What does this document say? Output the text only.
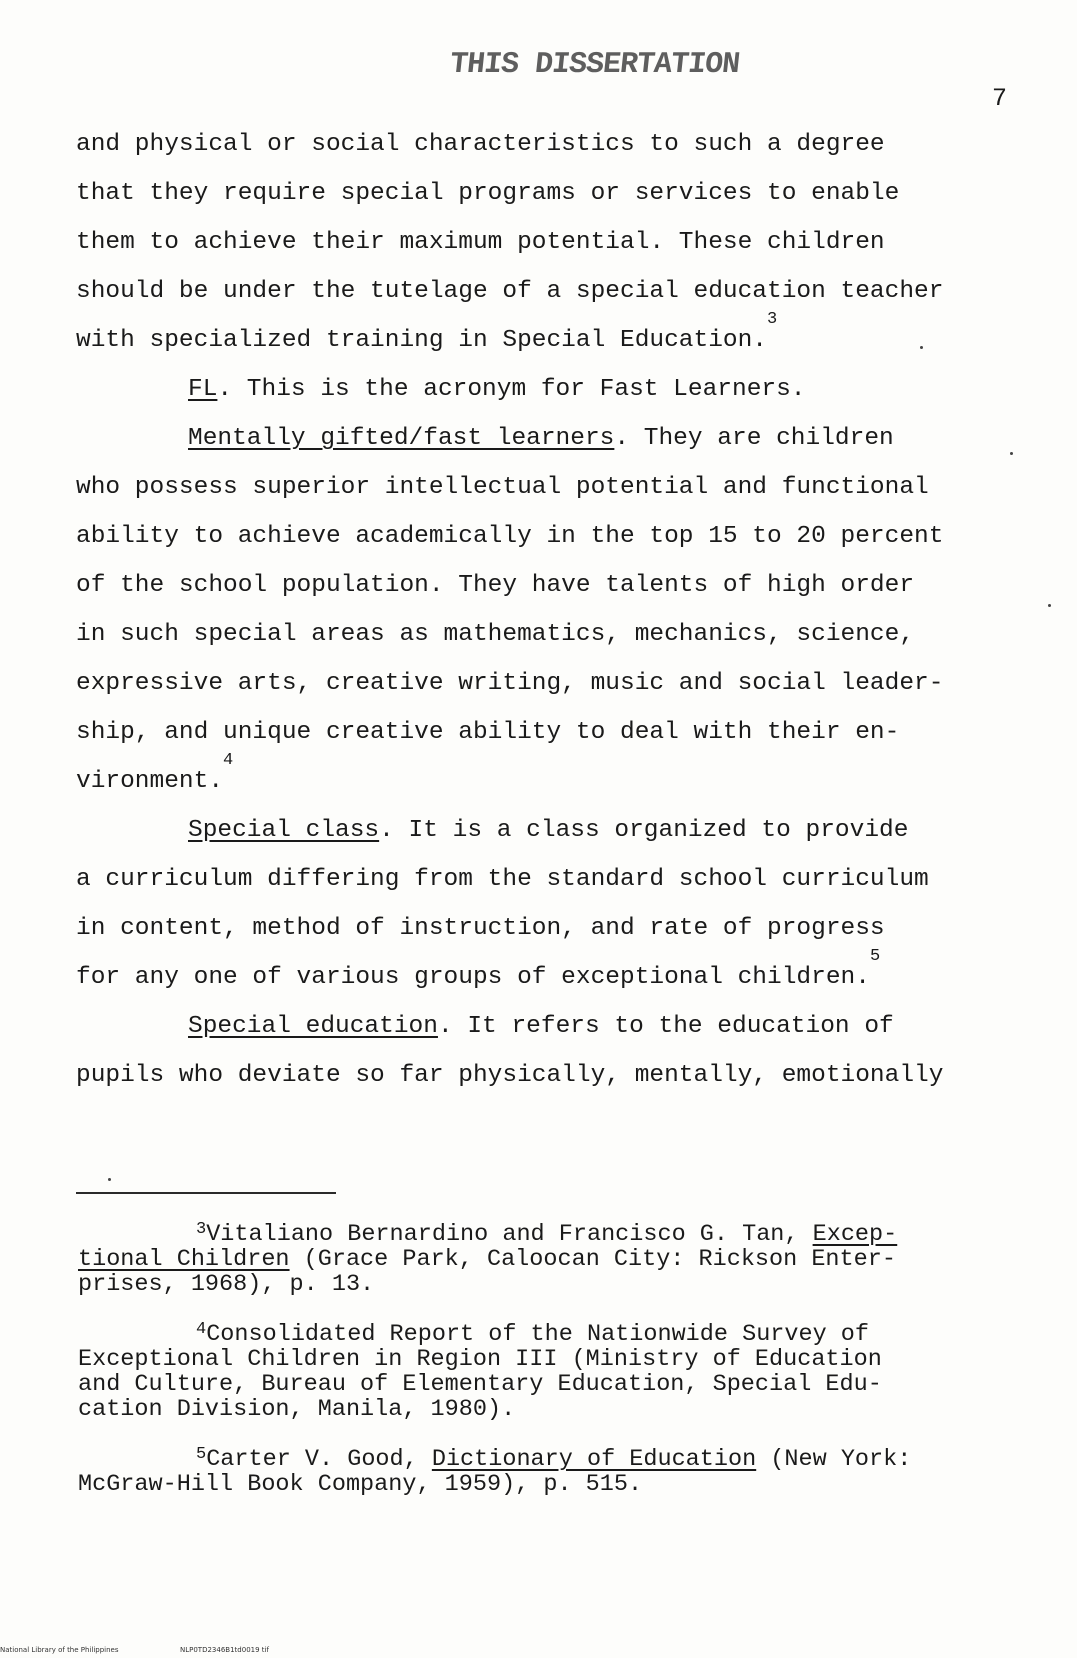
THIS DISSERTATION
7
and physical or social characteristics to such a degree
that they require special programs or services to enable
them to achieve their maximum potential. These children
should be under the tutelage of a special education teacher
with specialized training in Special Education.$^3$
FL. This is the acronym for Fast Learners.
Mentally gifted/fast learners. They are children
who possess superior intellectual potential and functional
ability to achieve academically in the top 15 to 20 percent
of the school population. They have talents of high order
in such special areas as mathematics, mechanics, science,
expressive arts, creative writing, music and social leader-
ship, and unique creative ability to deal with their en-
vironment.$^4$
Special class. It is a class organized to provide
a curriculum differing from the standard school curriculum
in content, method of instruction, and rate of progress
for any one of various groups of exceptional children.$^5$
Special education. It refers to the education of
pupils who deviate so far physically, mentally, emotionally
$^3$Vitaliano Bernardino and Francisco G. Tan, Excep-
tional Children (Grace Park, Caloocan City: Rickson Enter-
prises, 1968), p. 13.
$^4$Consolidated Report of the Nationwide Survey of
Exceptional Children in Region III (Ministry of Education
and Culture, Bureau of Elementary Education, Special Edu-
cation Division, Manila, 1980).
$^5$Carter V. Good, Dictionary of Education (New York:
McGraw-Hill Book Company, 1959), p. 515.
National Library of the Philippines	NLP0TD2346B1td0019 tif
